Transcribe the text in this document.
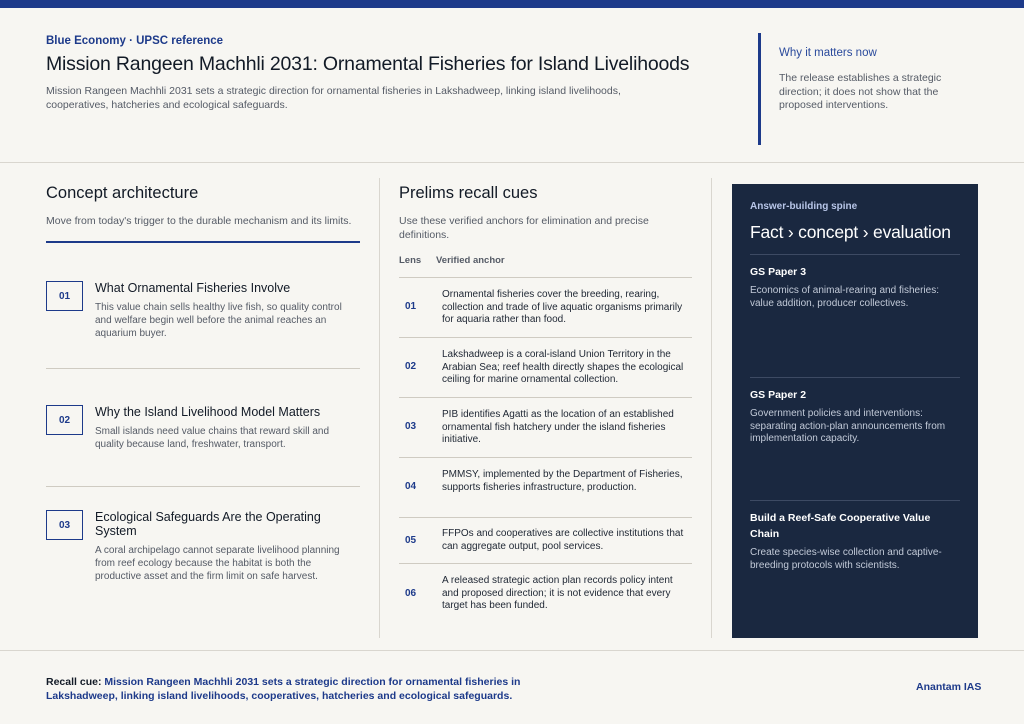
Blue Economy · UPSC reference
Mission Rangeen Machhli 2031: Ornamental Fisheries for Island Livelihoods

Mission Rangeen Machhli 2031 sets a strategic direction for ornamental fisheries in Lakshadweep, linking island livelihoods, cooperatives, hatcheries and ecological safeguards.

Why it matters now
The release establishes a strategic direction; it does not show that the proposed interventions.
Concept architecture

Move from today's trigger to the durable mechanism and its limits.

01
What Ornamental Fisheries Involve
This value chain sells healthy live fish, so quality control and welfare begin well before the animal reaches an aquarium buyer.
02
Why the Island Livelihood Model Matters
Small islands need value chains that reward skill and quality because land, freshwater, transport.
03
Ecological Safeguards Are the Operating System
A coral archipelago cannot separate livelihood planning from reef ecology because the habitat is both the productive asset and the firm limit on safe harvest.
Prelims recall cues

Use these verified anchors for elimination and precise definitions.

Lens Verified anchor
01
Ornamental fisheries cover the breeding, rearing, collection and trade of live aquatic organisms primarily for aquaria rather than food.
02
Lakshadweep is a coral-island Union Territory in the Arabian Sea; reef health directly shapes the ecological ceiling for marine ornamental collection.
03
PIB identifies Agatti as the location of an established ornamental fish hatchery under the island fisheries initiative.
04
PMMSY, implemented by the Department of Fisheries, supports fisheries infrastructure, production.
05
FFPOs and cooperatives are collective institutions that can aggregate output, pool services.
06
A released strategic action plan records policy intent and proposed direction; it is not evidence that every target has been funded.
Answer-building spine
Fact › concept › evaluation
GS Paper 3
Economics of animal-rearing and fisheries: value addition, producer collectives.
GS Paper 2
Government policies and interventions: separating action-plan announcements from implementation capacity.
Build a Reef-Safe Cooperative Value Chain
Create species-wise collection and captive-breeding protocols with scientists.

Recall cue: Mission Rangeen Machhli 2031 sets a strategic direction for ornamental fisheries in Lakshadweep, linking island livelihoods, cooperatives, hatcheries and ecological safeguards.

Anantam IAS
